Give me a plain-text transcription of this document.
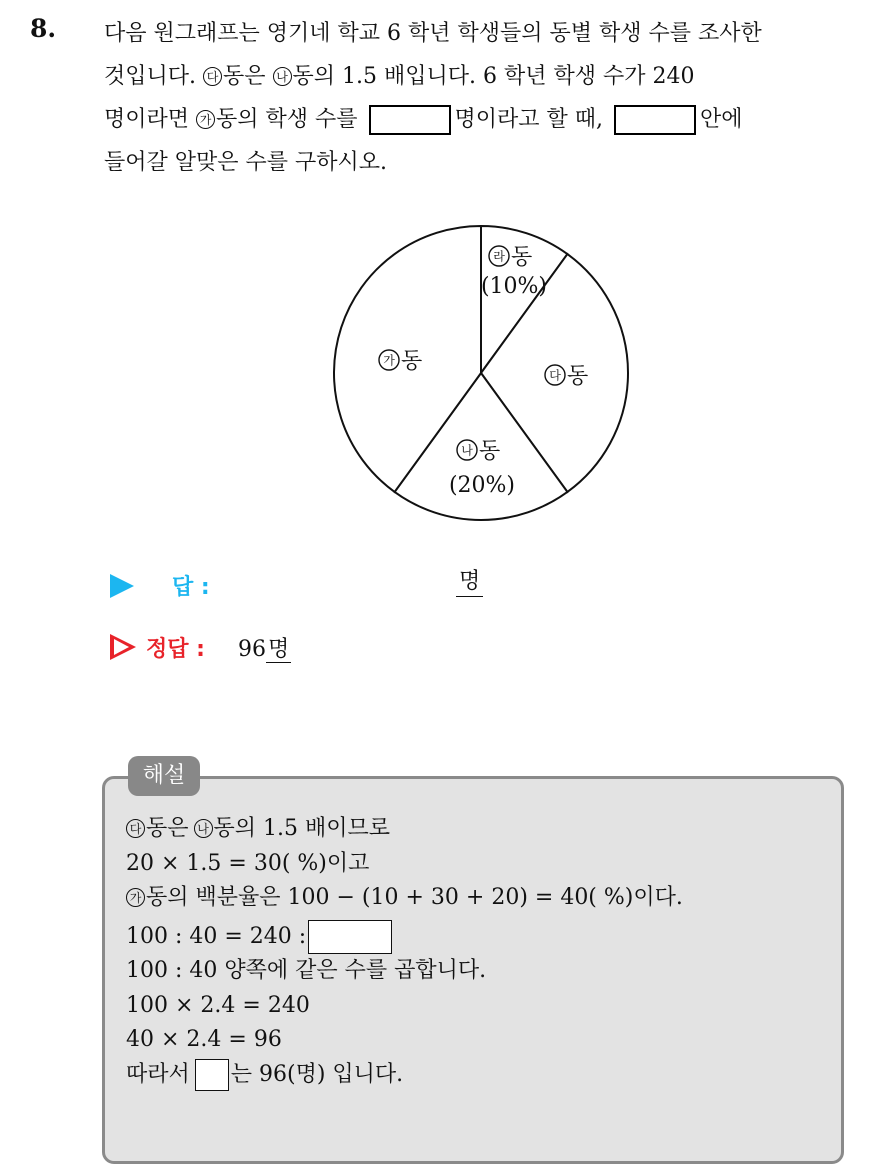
8. 다음 원그래프는 영기네 학교 6 학년 학생들의 동별 학생 수를 조사한
것입니다. 다 동은 나 동의 1.5 배입니다. 6 학년 학생 수가 240
명이라면 가 동의 학생 수를	명이라고 할 때,	안에
들어갈 알맞은 수를 구하시오.
라 동
(10%)
가 동
다 동
나 동
(20%)
답 :	명
정답 : 96명
해설
다 동은 나 동의 1.5 배이므로
20 × 1.5 = 30( %)이고
가 동의 백분율은 100 − (10 + 30 + 20) = 40( %)이다.
100 : 40 = 240 :
100 : 40 양쪽에 같은 수를 곱합니다.
100 × 2.4 = 240
40 × 2.4 = 96
따라서 는 96(명) 입니다.
